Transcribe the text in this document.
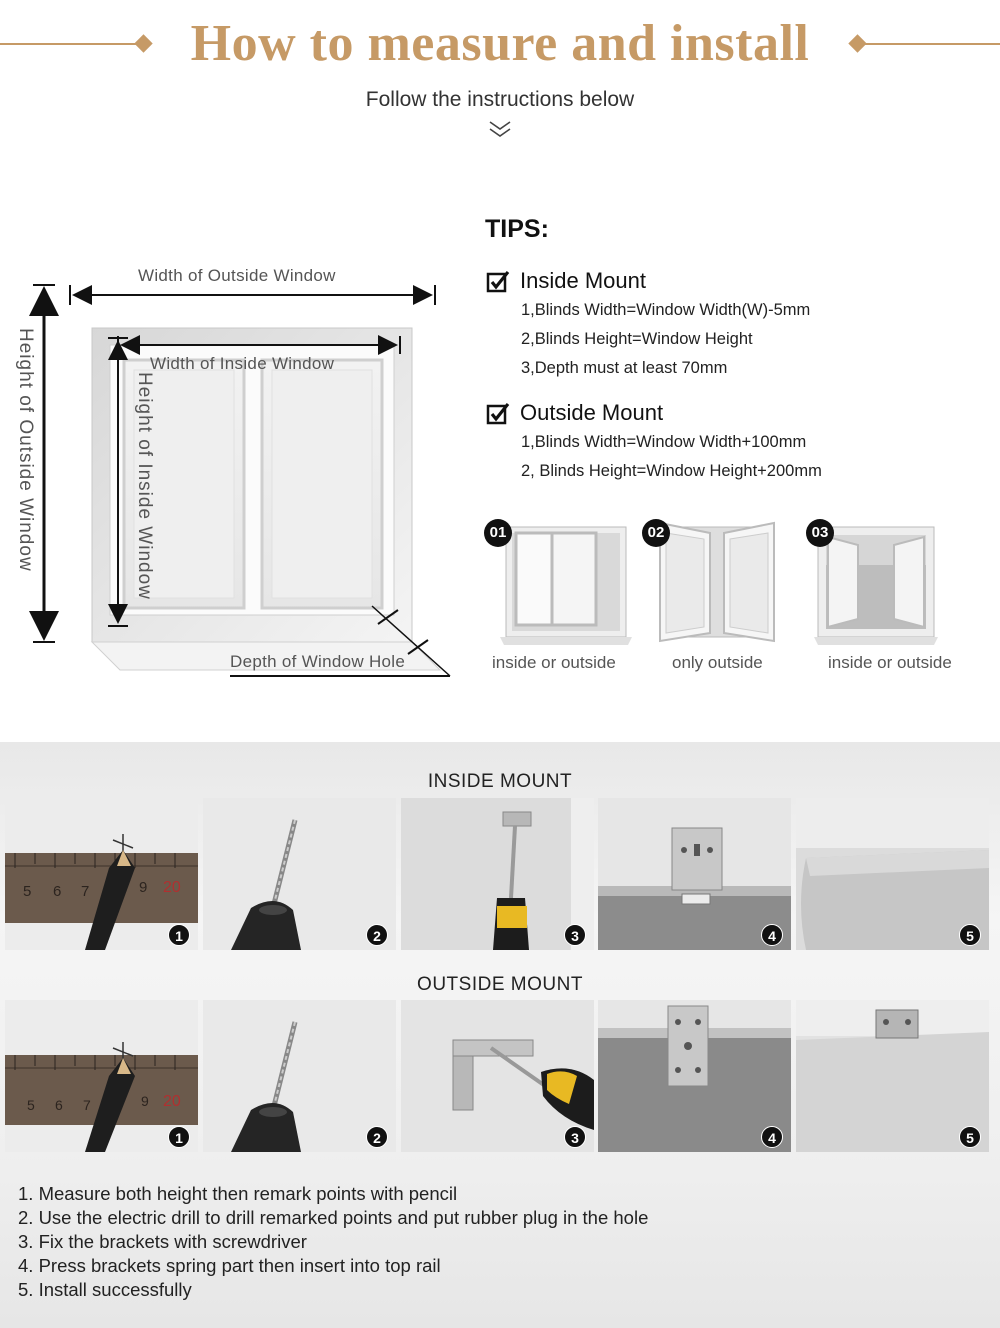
How to measure and install
Follow the instructions below
Width of Outside Window
Width of Inside Window
Height of Outside Window	Height of Inside Window
Depth of Window Hole
TIPS:
Inside Mount
1,Blinds Width=Window Width(W)-5mm
2,Blinds Height=Window Height
3,Depth must at least 70mm
Outside Mount
1,Blinds Width=Window Width+100mm
2, Blinds Height=Window Height+200mm
01
inside or outside
02
only outside
03
inside or outside
INSIDE MOUNT
5 6 7	9 20
1	2	3	4	5
OUTSIDE MOUNT
5 6 7	9 20
1	2	3	4	5
1. Measure both height then remark points with pencil
2. Use the electric drill to drill remarked points and put rubber plug in the hole
3. Fix the brackets with screwdriver
4. Press brackets spring part then insert into top rail
5. Install successfully
